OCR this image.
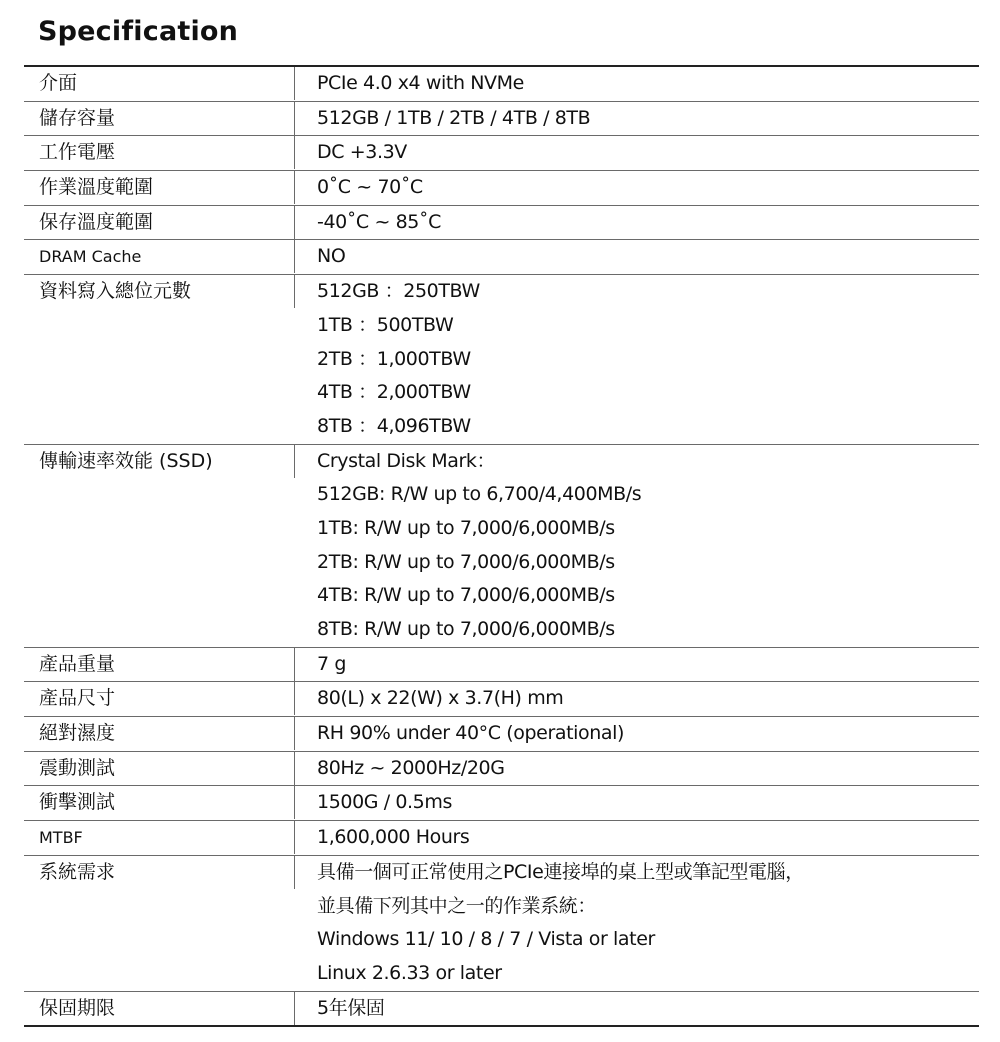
Specification
介面	PCIe 4.0 x4 with NVMe
儲存容量	512GB / 1TB / 2TB / 4TB / 8TB
工作電壓	DC +3.3V
作業溫度範圍	0˚C ~ 70˚C
保存溫度範圍	-40˚C ~ 85˚C
DRAM Cache	NO
資料寫入總位元數	512GB ：250TBW
1TB ：500TBW
2TB ：1,000TBW
4TB ：2,000TBW
8TB ：4,096TBW
傳輸速率效能 (SSD)	Crystal Disk Mark：
512GB: R/W up to 6,700/4,400MB/s
1TB: R/W up to 7,000/6,000MB/s
2TB: R/W up to 7,000/6,000MB/s
4TB: R/W up to 7,000/6,000MB/s
8TB: R/W up to 7,000/6,000MB/s
產品重量	7 g
產品尺寸	80(L) x 22(W) x 3.7(H) mm
絕對濕度	RH 90% under 40°C (operational)
震動測試	80Hz ~ 2000Hz/20G
衝擊測試	1500G / 0.5ms
MTBF	1,600,000 Hours
系統需求	具備一個可正常使用之PCIe連接埠的桌上型或筆記型電腦，
並具備下列其中之一的作業系統：
Windows 11/ 10 / 8 / 7 / Vista or later
Linux 2.6.33 or later
保固期限	5年保固
